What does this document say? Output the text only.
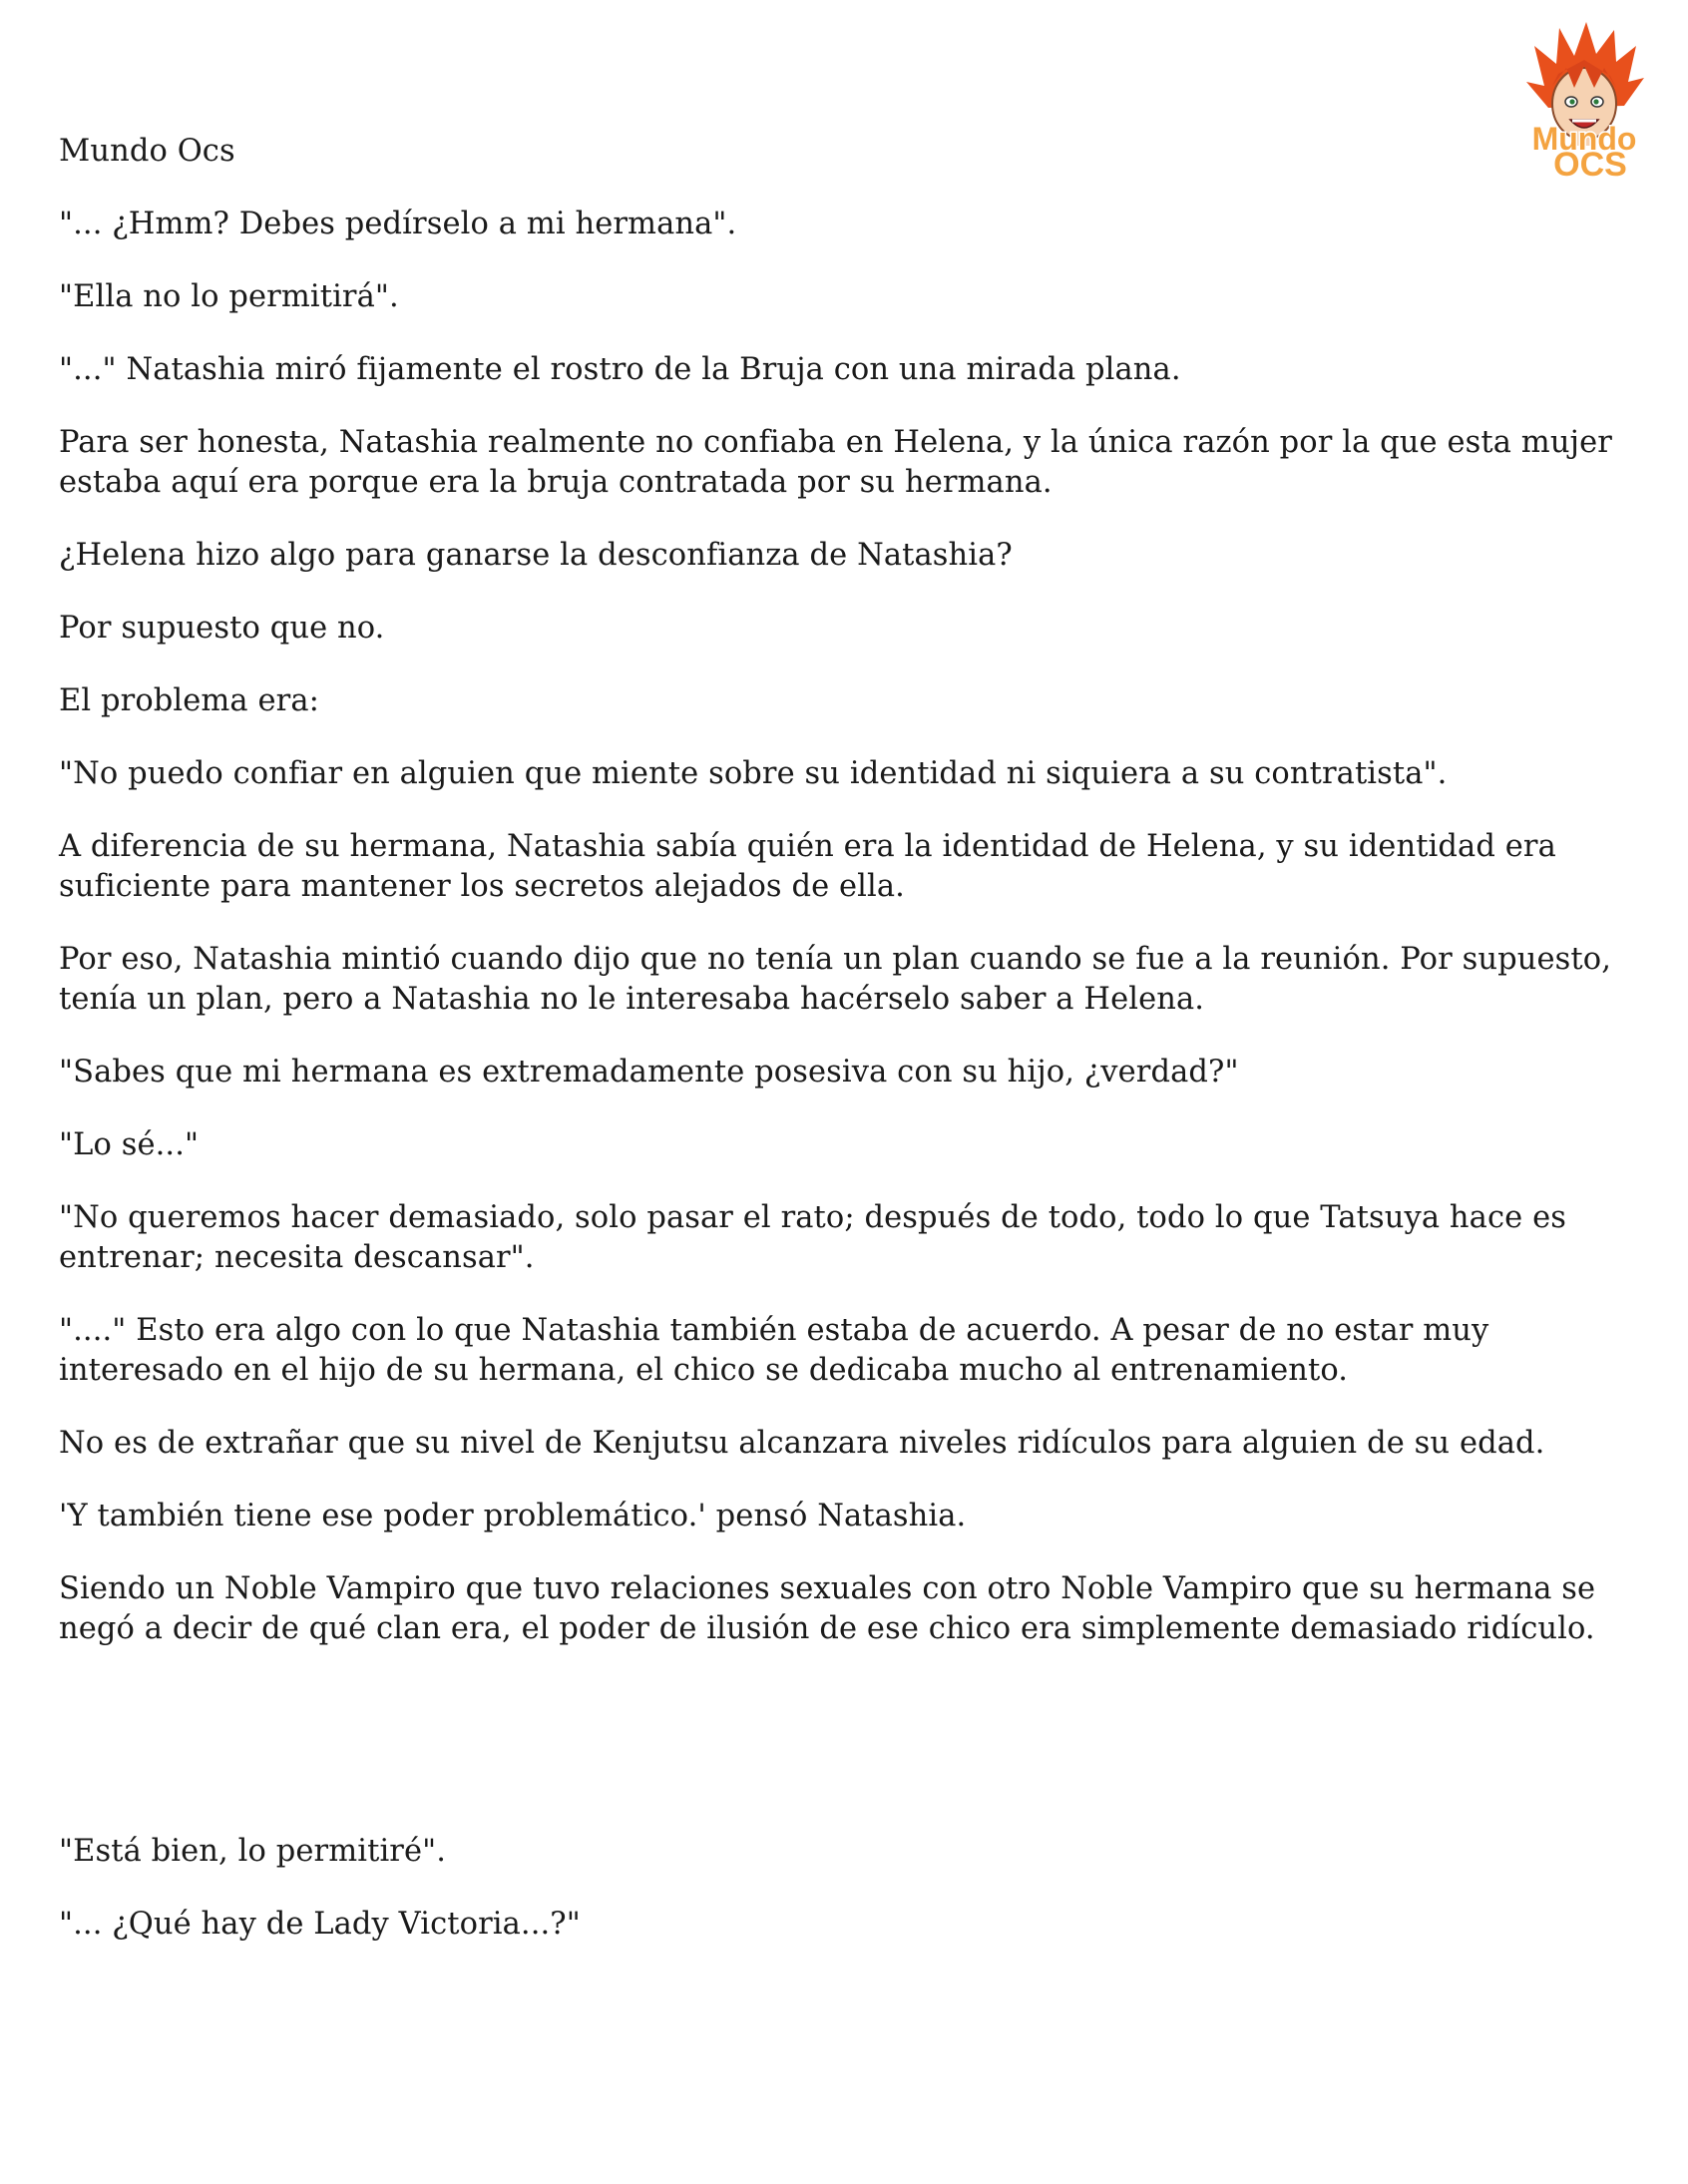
Mundo
OCS

Mundo Ocs

"... ¿Hmm? Debes pedírselo a mi hermana".

"Ella no lo permitirá".

"..." Natashia miró fijamente el rostro de la Bruja con una mirada plana.

Para ser honesta, Natashia realmente no confiaba en Helena, y la única razón por la que esta mujer estaba aquí era porque era la bruja contratada por su hermana.

¿Helena hizo algo para ganarse la desconfianza de Natashia?

Por supuesto que no.

El problema era:

"No puedo confiar en alguien que miente sobre su identidad ni siquiera a su contratista".

A diferencia de su hermana, Natashia sabía quién era la identidad de Helena, y su identidad era suficiente para mantener los secretos alejados de ella.

Por eso, Natashia mintió cuando dijo que no tenía un plan cuando se fue a la reunión. Por supuesto, tenía un plan, pero a Natashia no le interesaba hacérselo saber a Helena.

"Sabes que mi hermana es extremadamente posesiva con su hijo, ¿verdad?"

"Lo sé..."

"No queremos hacer demasiado, solo pasar el rato; después de todo, todo lo que Tatsuya hace es entrenar; necesita descansar".

"...." Esto era algo con lo que Natashia también estaba de acuerdo. A pesar de no estar muy interesado en el hijo de su hermana, el chico se dedicaba mucho al entrenamiento.

No es de extrañar que su nivel de Kenjutsu alcanzara niveles ridículos para alguien de su edad.

'Y también tiene ese poder problemático.' pensó Natashia.

Siendo un Noble Vampiro que tuvo relaciones sexuales con otro Noble Vampiro que su hermana se negó a decir de qué clan era, el poder de ilusión de ese chico era simplemente demasiado ridículo.

"Está bien, lo permitiré".

"... ¿Qué hay de Lady Victoria...?"
